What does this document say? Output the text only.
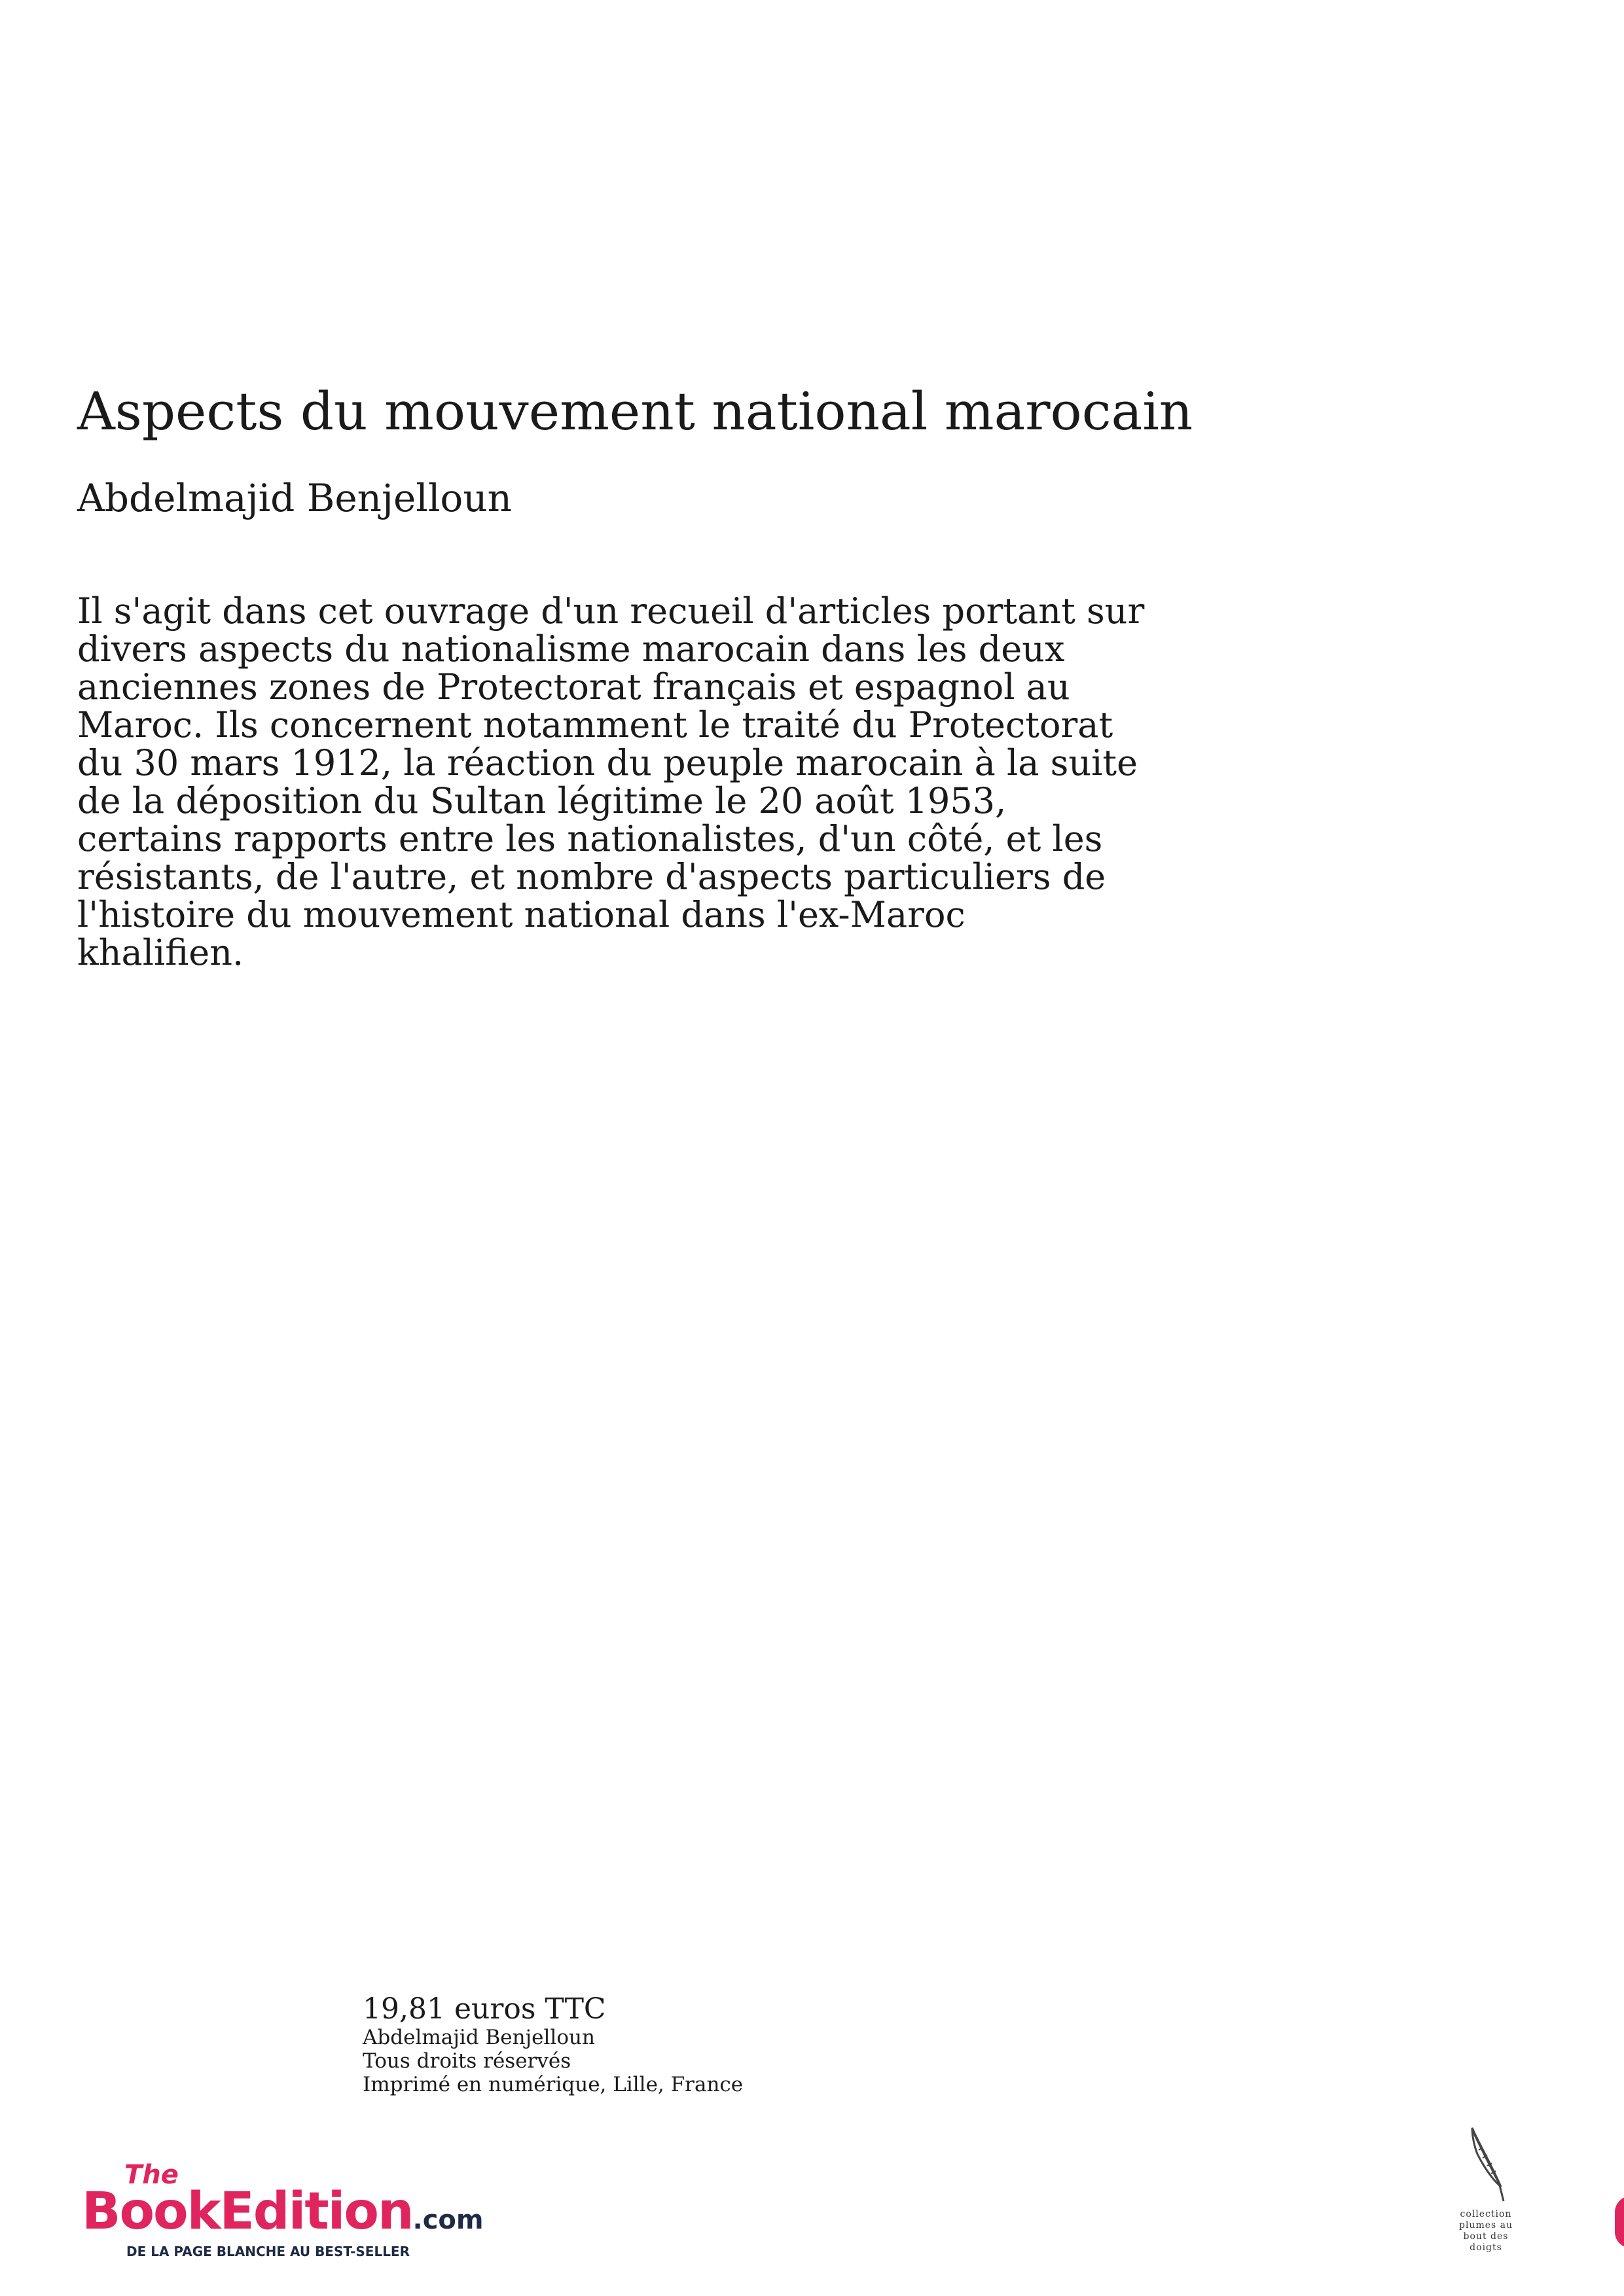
Aspects du mouvement national marocain
Abdelmajid Benjelloun
Il s'agit dans cet ouvrage d'un recueil d'articles portant sur
divers aspects du nationalisme marocain dans les deux
anciennes zones de Protectorat français et espagnol au
Maroc. Ils concernent notamment le traité du Protectorat
du 30 mars 1912, la réaction du peuple marocain à la suite
de la déposition du Sultan légitime le 20 août 1953,
certains rapports entre les nationalistes, d'un côté, et les
résistants, de l'autre, et nombre d'aspects particuliers de
l'histoire du mouvement national dans l'ex-Maroc
khalifien.
19,81 euros TTC
Abdelmajid Benjelloun
Tous droits réservés
Imprimé en numérique, Lille, France
The
BookEdition.com
DE LA PAGE BLANCHE AU BEST-SELLER
collection
plumes au
bout des
doigts
